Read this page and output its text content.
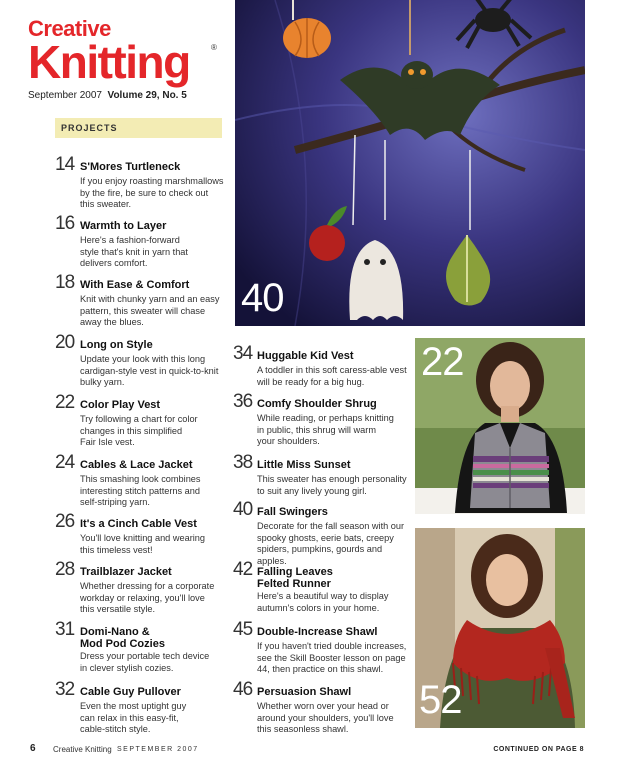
Creative
Knitting	®
September 2007 Volume 29, No. 5
PROJECTS
14 S'Mores Turtleneck
If you enjoy roasting marshmallows
by the fire, be sure to check out
this sweater.
16 Warmth to Layer
Here's a fashion-forward
style that's knit in yarn that
delivers comfort.
18 With Ease & Comfort
Knit with chunky yarn and an easy
pattern, this sweater will chase
away the blues.
20 Long on Style
Update your look with this long
cardigan-style vest in quick-to-knit
bulky yarn.
22 Color Play Vest
Try following a chart for color
changes in this simplified
Fair Isle vest.
24 Cables & Lace Jacket
This smashing look combines
interesting stitch patterns and
self-striping yarn.
26 It's a Cinch Cable Vest
You'll love knitting and wearing
this timeless vest!
28 Trailblazer Jacket
Whether dressing for a corporate
workday or relaxing, you'll love
this versatile style.
31 Domi-Nano &
Mod Pod Cozies
Dress your portable tech device
in clever stylish cozies.
32 Cable Guy Pullover
Even the most uptight guy
can relax in this easy-fit,
cable-stitch style.
34 Huggable Kid Vest
A toddler in this soft caress-able vest
will be ready for a big hug.
36 Comfy Shoulder Shrug
While reading, or perhaps knitting
in public, this shrug will warm
your shoulders.
38 Little Miss Sunset
This sweater has enough personality
to suit any lively young girl.
40 Fall Swingers
Decorate for the fall season with our
spooky ghosts, eerie bats, creepy
spiders, pumpkins, gourds and apples.
42 Falling Leaves
Felted Runner
Here's a beautiful way to display
autumn's colors in your home.
45 Double-Increase Shawl
If you haven't tried double increases,
see the Skill Booster lesson on page
44, then practice on this shawl.
46 Persuasion Shawl
Whether worn over your head or
around your shoulders, you'll love
this seasonless shawl.
40
22
52
6 Creative Knitting SEPTEMBER 2007	CONTINUED ON PAGE 8
